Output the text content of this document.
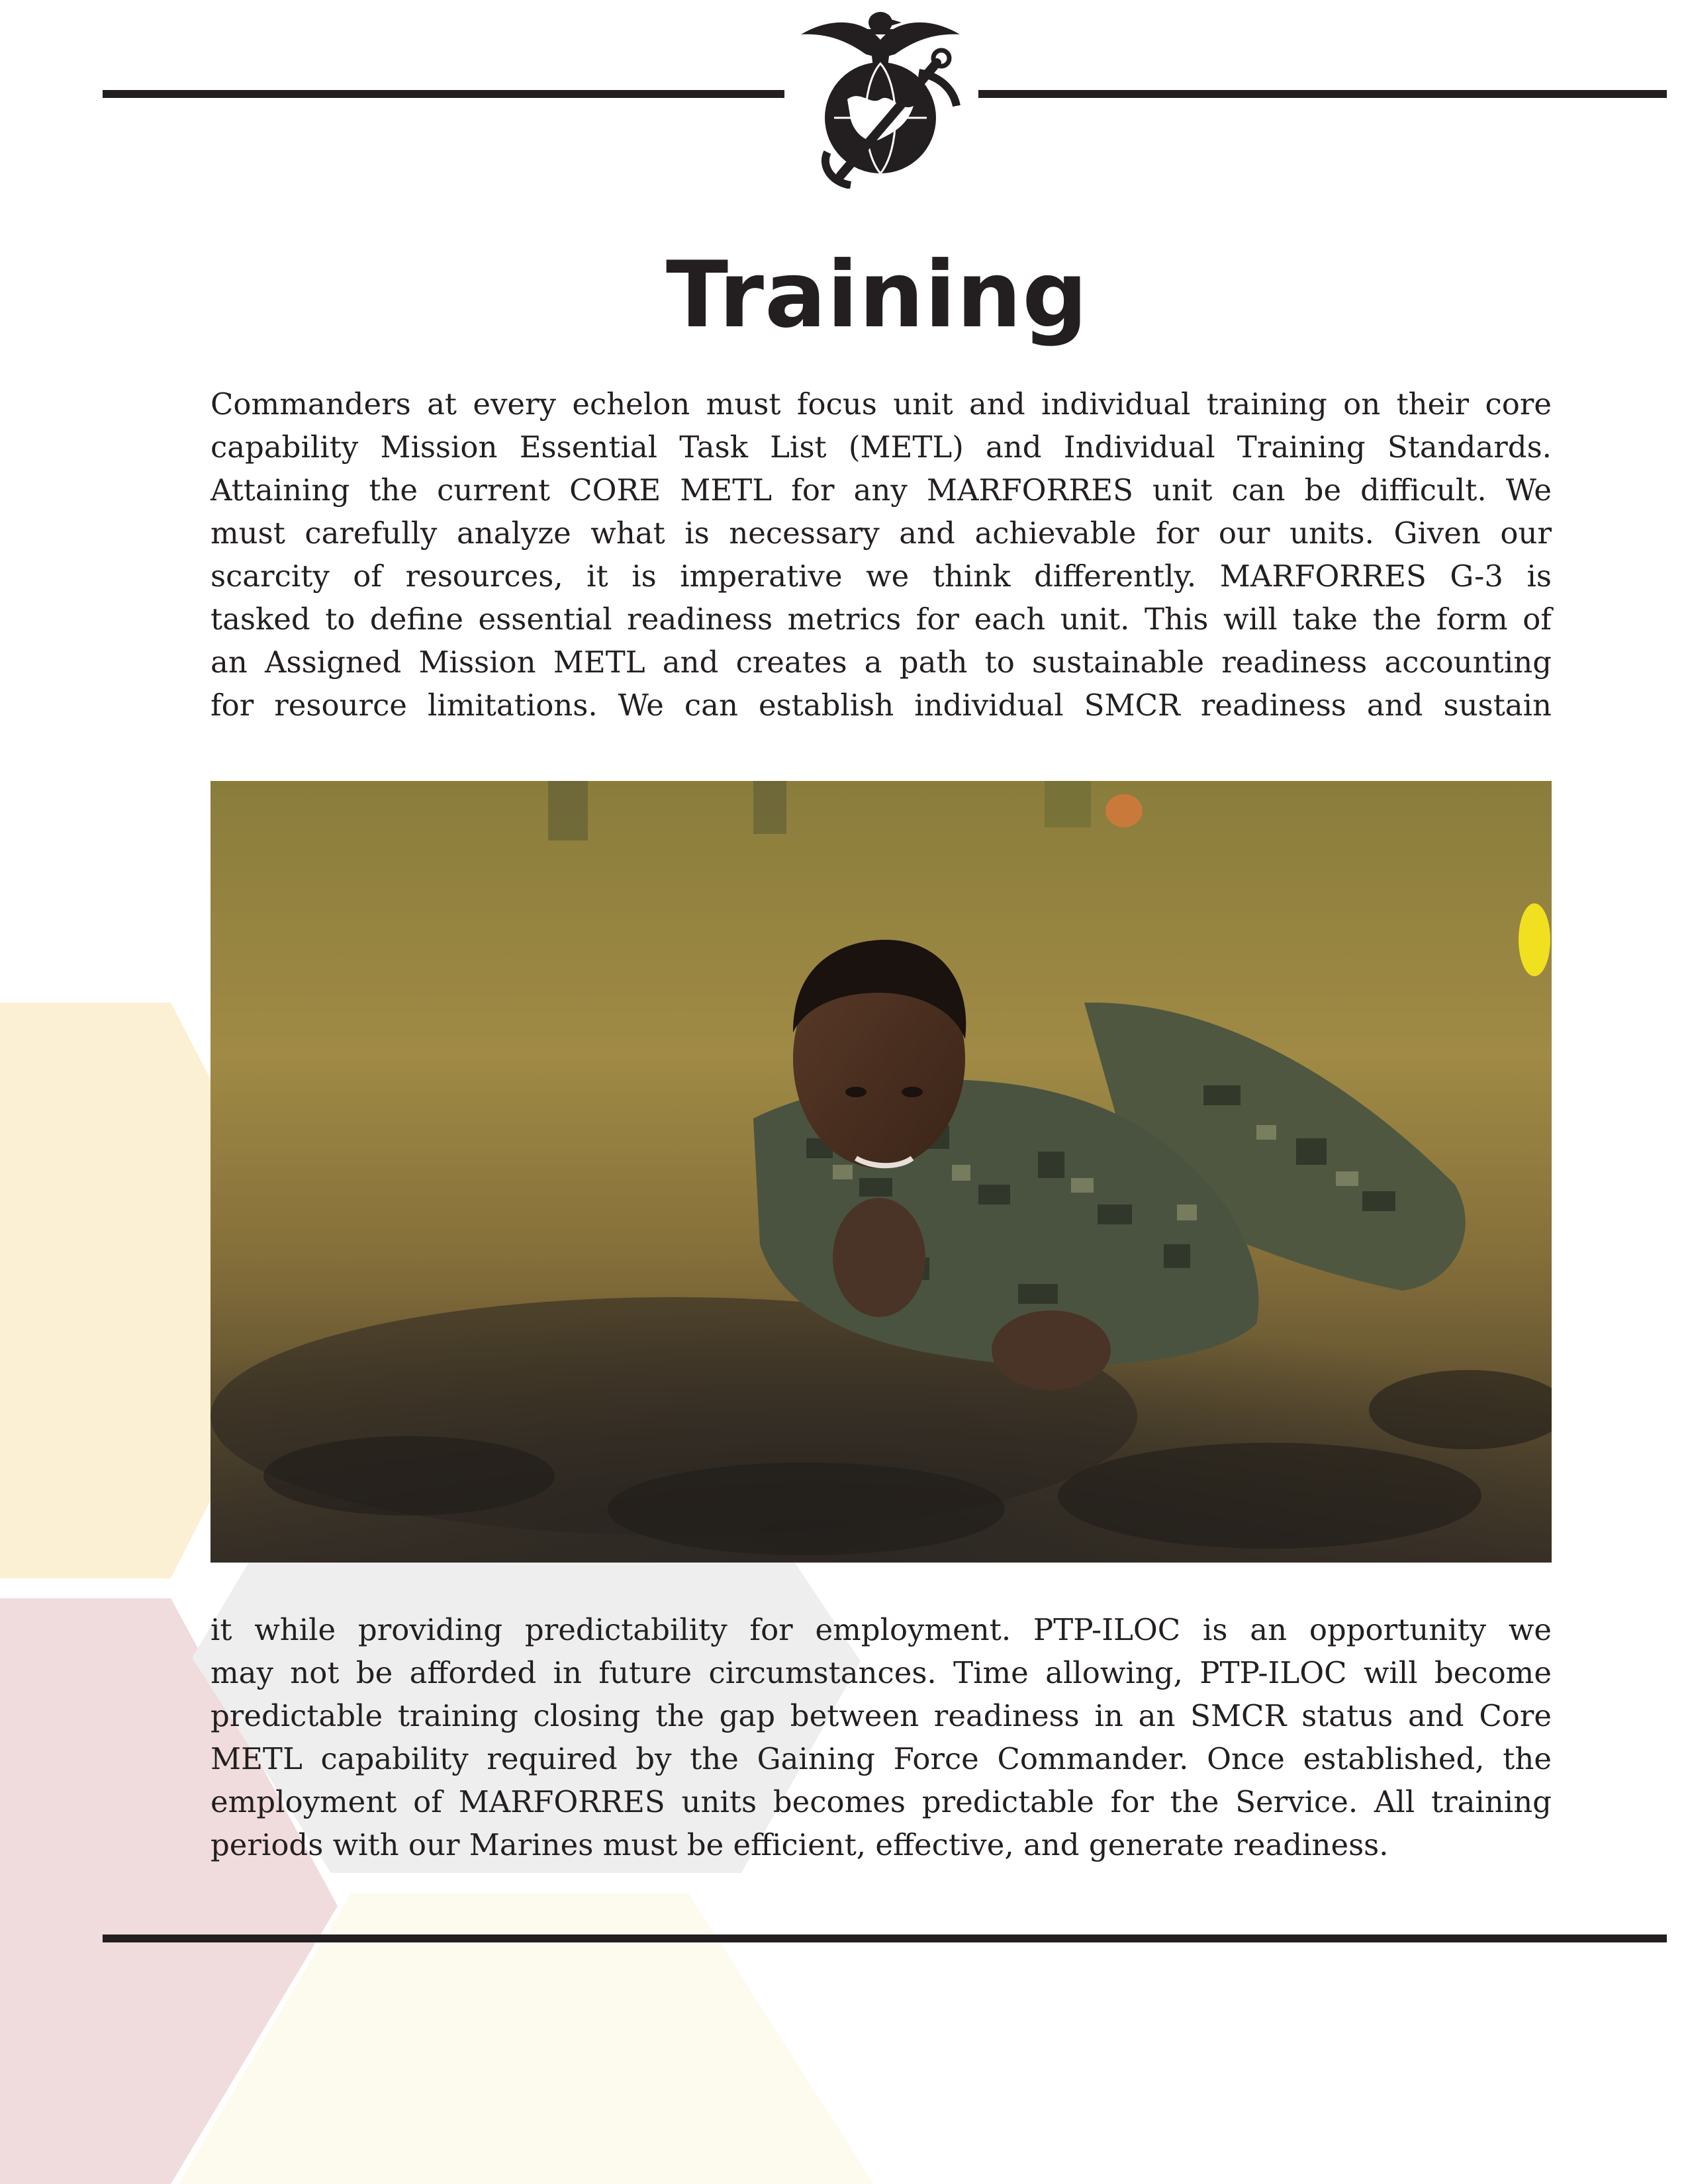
Training
Commanders at every echelon must focus unit and individual training on their core
capability Mission Essential Task List (METL) and Individual Training Standards.
Attaining the current CORE METL for any MARFORRES unit can be difficult. We
must carefully analyze what is necessary and achievable for our units. Given our
scarcity of resources, it is imperative we think differently. MARFORRES G-3 is
tasked to define essential readiness metrics for each unit. This will take the form of
an Assigned Mission METL and creates a path to sustainable readiness accounting
for resource limitations. We can establish individual SMCR readiness and sustain
it while providing predictability for employment. PTP-ILOC is an opportunity we
may not be afforded in future circumstances. Time allowing, PTP-ILOC will become
predictable training closing the gap between readiness in an SMCR status and Core
METL capability required by the Gaining Force Commander. Once established, the
employment of MARFORRES units becomes predictable for the Service. All training
periods with our Marines must be efficient, effective, and generate readiness.
